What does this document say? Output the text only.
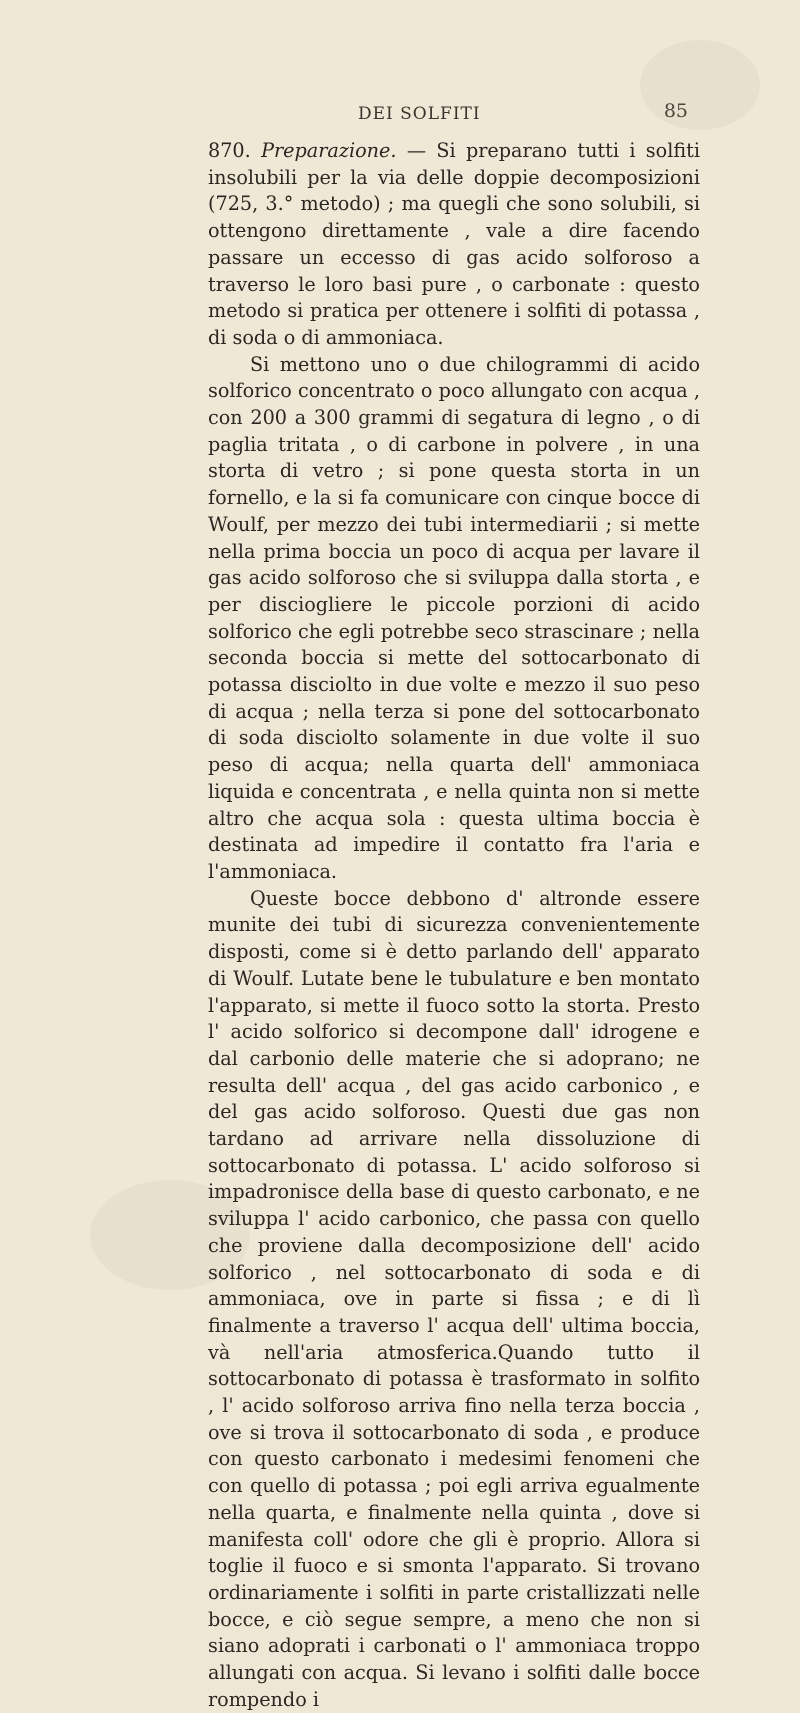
DEI SOLFITI	85

870. Preparazione. — Si preparano tutti i solfiti insolubili per la via delle doppie decomposizioni (725, 3.° metodo) ; ma quegli che sono solubili, si ottengono direttamente , vale a dire facendo passare un eccesso di gas acido solforoso a traverso le loro basi pure , o carbonate : questo metodo si pratica per ottenere i solfiti di potassa , di soda o di ammoniaca.

Si mettono uno o due chilogrammi di acido solforico concentrato o poco allungato con acqua , con 200 a 300 grammi di segatura di legno , o di paglia tritata , o di carbone in polvere , in una storta di vetro ; si pone questa storta in un fornello, e la si fa comunicare con cinque bocce di Woulf, per mezzo dei tubi intermediarii ; si mette nella prima boccia un poco di acqua per lavare il gas acido solforoso che si sviluppa dalla storta , e per disciogliere le piccole porzioni di acido solforico che egli potrebbe seco strascinare ; nella seconda boccia si mette del sottocarbonato di potassa disciolto in due volte e mezzo il suo peso di acqua ; nella terza si pone del sottocarbonato di soda disciolto solamente in due volte il suo peso di acqua; nella quarta dell' ammoniaca liquida e concentrata , e nella quinta non si mette altro che acqua sola : questa ultima boccia è destinata ad impedire il contatto fra l'aria e l'ammoniaca.

Queste bocce debbono d' altronde essere munite dei tubi di sicurezza convenientemente disposti, come si è detto parlando dell' apparato di Woulf. Lutate bene le tubulature e ben montato l'apparato, si mette il fuoco sotto la storta. Presto l' acido solforico si decompone dall' idrogene e dal carbonio delle materie che si adoprano; ne resulta dell' acqua , del gas acido carbonico , e del gas acido solforoso. Questi due gas non tardano ad arrivare nella dissoluzione di sottocarbonato di potassa. L' acido solforoso si impadronisce della base di questo carbonato, e ne sviluppa l' acido carbonico, che passa con quello che proviene dalla decomposizione dell' acido solforico , nel sottocarbonato di soda e di ammoniaca, ove in parte si fissa ; e di lì finalmente a traverso l' acqua dell' ultima boccia, và nell'aria atmosferica.Quando tutto il sottocarbonato di potassa è trasformato in solfito , l' acido solforoso arriva fino nella terza boccia , ove si trova il sottocarbonato di soda , e produce con questo carbonato i medesimi fenomeni che con quello di potassa ; poi egli arriva egualmente nella quarta, e finalmente nella quinta , dove si manifesta coll' odore che gli è proprio. Allora si toglie il fuoco e si smonta l'apparato. Si trovano ordinariamente i solfiti in parte cristallizzati nelle bocce, e ciò segue sempre, a meno che non si siano adoprati i carbonati o l' ammoniaca troppo allungati con acqua. Si levano i solfiti dalle bocce rompendo i
